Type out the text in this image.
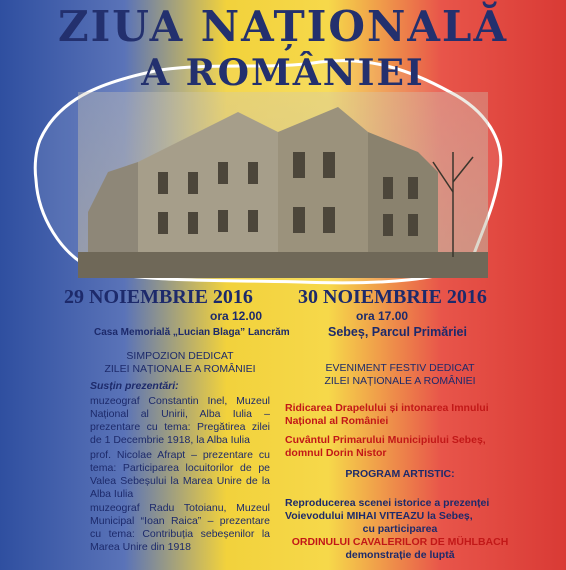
ZIUA NAȚIONALĂ
A ROMÂNIEI
29 NOIEMBRIE 2016
ora 12.00
Casa Memorială „Lucian Blaga” Lancrăm
30 NOIEMBRIE 2016
ora 17.00
Sebeș, Parcul Primăriei
SIMPOZION DEDICAT
ZILEI NAȚIONALE A ROMÂNIEI
Susțin prezentări:
muzeograf Constantin Inel, Muzeul Național al Unirii, Alba Iulia – prezentare cu tema: Pregătirea zilei de 1 Decembrie 1918, la Alba Iulia
prof. Nicolae Afrapt – prezentare cu tema: Participarea locuitorilor de pe Valea Sebeșului la Marea Unire de la Alba Iulia
muzeograf Radu Totoianu, Muzeul Municipal “Ioan Raica” – prezentare cu tema: Contribuția sebeșenilor la Marea Unire din 1918
EVENIMENT FESTIV DEDICAT
ZILEI NAȚIONALE A ROMÂNIEI
Ridicarea Drapelului și intonarea Imnului Național al României
Cuvântul Primarului Municipiului Sebeș, domnul Dorin Nistor
PROGRAM ARTISTIC:
Reproducerea scenei istorice a prezenței Voievodului MIHAI VITEAZU la Sebeș,
cu participarea
ORDINULUI CAVALERILOR DE MÜHLBACH
demonstrație de luptă
